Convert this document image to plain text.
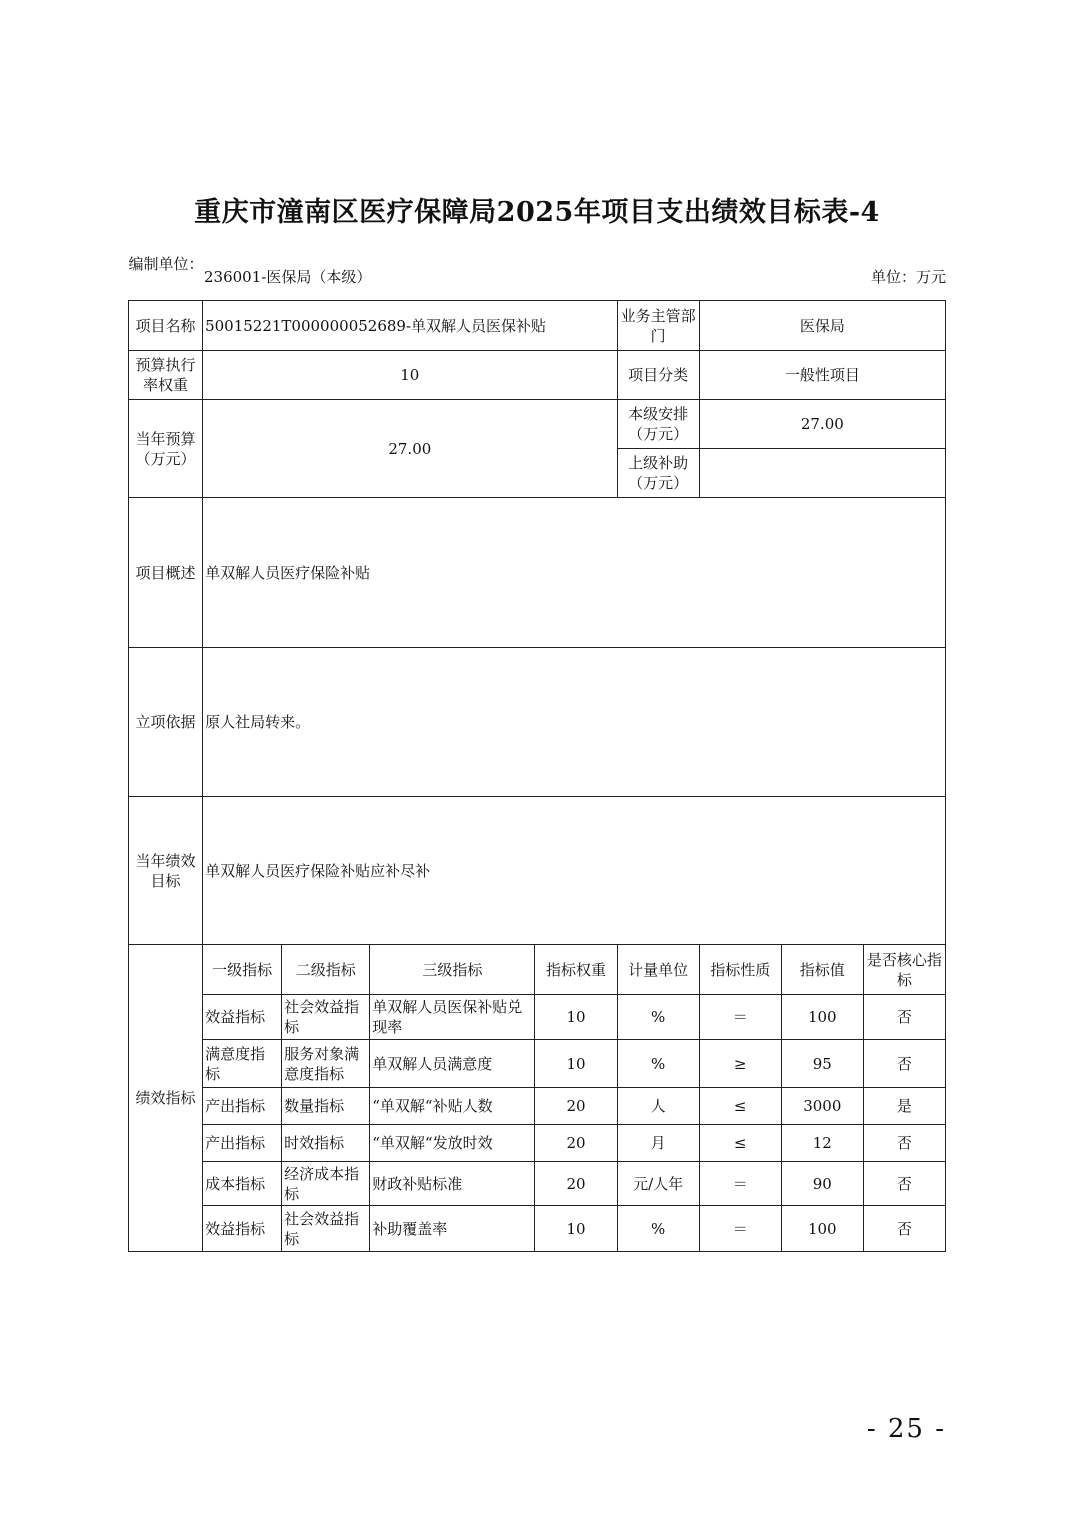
重庆市潼南区医疗保障局2025年项目支出绩效目标表-4
编制单位：
236001-医保局（本级）	单位：万元
项目名称	50015221T000000052689-单双解人员医保补贴				业务主管部门	医保局		
预算执行率权重	10				项目分类	一般性项目		
当年预算（万元）	27.00				本级安排（万元）	27.00		
					上级补助（万元）			
项目概述	单双解人员医疗保险补贴							
立项依据	原人社局转来。							
当年绩效目标	单双解人员医疗保险补贴应补尽补							
绩效指标	一级指标	二级指标	三级指标	指标权重	计量单位	指标性质	指标值	是否核心指标
	效益指标	社会效益指标	单双解人员医保补贴兑现率	10	%	＝	100	否
	满意度指标	服务对象满意度指标	单双解人员满意度	10	%	≥	95	否
	产出指标	数量指标	“单双解“补贴人数	20	人	≤	3000	是
	产出指标	时效指标	“单双解“发放时效	20	月	≤	12	否
	成本指标	经济成本指标	财政补贴标准	20	元/人年	＝	90	否
	效益指标	社会效益指标	补助覆盖率	10	%	＝	100	否
- 25 -
